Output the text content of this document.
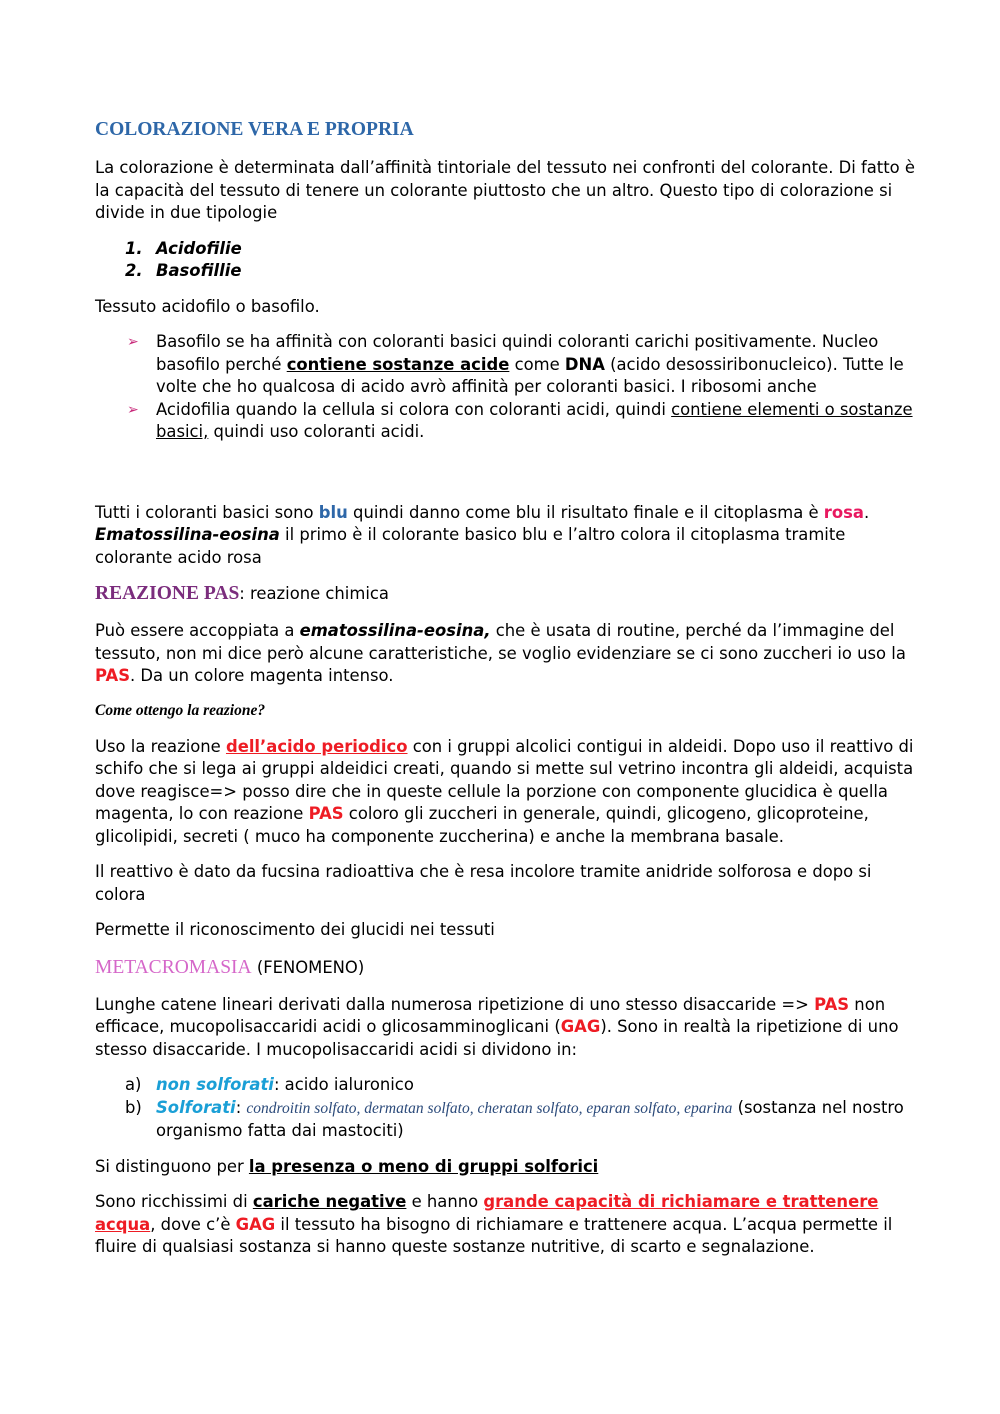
COLORAZIONE VERA E PROPRIA

La colorazione è determinata dall’affinità tintoriale del tessuto nei confronti del colorante. Di fatto è la capacità del tessuto di tenere un colorante piuttosto che un altro. Questo tipo di colorazione si divide in due tipologie

1. Acidofilie
2. Basofillie

Tessuto acidofilo o basofilo.

➢ Basofilo se ha affinità con coloranti basici quindi coloranti carichi positivamente. Nucleo basofilo perché contiene sostanze acide come DNA (acido desossiribonucleico). Tutte le volte che ho qualcosa di acido avrò affinità per coloranti basici. I ribosomi anche
➢ Acidofilia quando la cellula si colora con coloranti acidi, quindi contiene elementi o sostanze basici, quindi uso coloranti acidi.

Tutti i coloranti basici sono blu quindi danno come blu il risultato finale e il citoplasma è rosa. Ematossilina-eosina il primo è il colorante basico blu e l’altro colora il citoplasma tramite colorante acido rosa

REAZIONE PAS: reazione chimica

Può essere accoppiata a ematossilina-eosina, che è usata di routine, perché da l’immagine del tessuto, non mi dice però alcune caratteristiche, se voglio evidenziare se ci sono zuccheri io uso la PAS. Da un colore magenta intenso.

Come ottengo la reazione?

Uso la reazione dell’acido periodico con i gruppi alcolici contigui in aldeidi. Dopo uso il reattivo di schifo che si lega ai gruppi aldeidici creati, quando si mette sul vetrino incontra gli aldeidi, acquista dove reagisce=> posso dire che in queste cellule la porzione con componente glucidica è quella magenta, lo con reazione PAS coloro gli zuccheri in generale, quindi, glicogeno, glicoproteine, glicolipidi, secreti ( muco ha componente zuccherina) e anche la membrana basale.

Il reattivo è dato da fucsina radioattiva che è resa incolore tramite anidride solforosa e dopo si colora

Permette il riconoscimento dei glucidi nei tessuti

METACROMASIA (FENOMENO)

Lunghe catene lineari derivati dalla numerosa ripetizione di uno stesso disaccaride => PAS non efficace, mucopolisaccaridi acidi o glicosamminoglicani (GAG). Sono in realtà la ripetizione di uno stesso disaccaride. I mucopolisaccaridi acidi si dividono in:

a) non solforati: acido ialuronico
b) Solforati: condroitin solfato, dermatan solfato, cheratan solfato, eparan solfato, eparina (sostanza nel nostro organismo fatta dai mastociti)

Si distinguono per la presenza o meno di gruppi solforici

Sono ricchissimi di cariche negative e hanno grande capacità di richiamare e trattenere acqua, dove c’è GAG il tessuto ha bisogno di richiamare e trattenere acqua. L’acqua permette il fluire di qualsiasi sostanza si hanno queste sostanze nutritive, di scarto e segnalazione.
